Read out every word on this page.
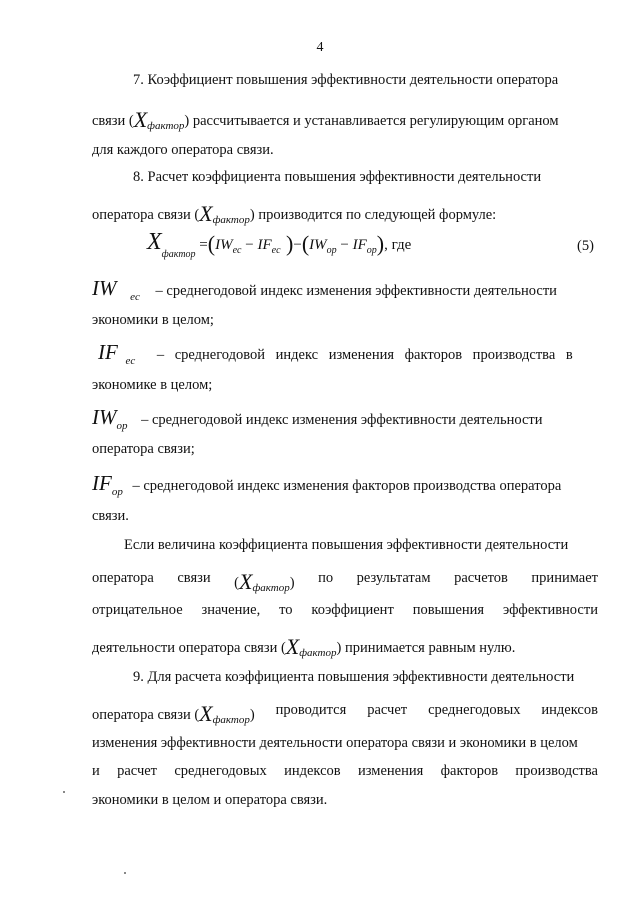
4
7. Коэффициент повышения эффективности деятельности оператора
связи $(X_{фактор})$ рассчитывается и устанавливается регулирующим органом
для каждого оператора связи.
8. Расчет коэффициента повышения эффективности деятельности
оператора связи $(X_{фактор})$ производится по следующей формуле:
$X_{фактор} =(IW_{ec} - IF_{ec}$ )$-(IW_{op} - IF_{op})$, где	(5)
IW $_{ec}$ – среднегодовой индекс изменения эффективности деятельности
экономики в целом;
IF $_{ec}$ – среднегодовой индекс изменения факторов производства в
экономике в целом;
$IW_{op}$ – среднегодовой индекс изменения эффективности деятельности
оператора связи;
$IF_{op}$ – среднегодовой индекс изменения факторов производства оператора
связи.
Если величина коэффициента повышения эффективности деятельности
оператора связи $(X_{фактор})$ по результатам расчетов принимает
отрицательное значение, то коэффициент повышения эффективности
деятельности оператора связи $(X_{фактор})$ принимается равным нулю.
9. Для расчета коэффициента повышения эффективности деятельности
оператора связи $(X_{фактор})$ проводится расчет среднегодовых индексов
изменения эффективности деятельности оператора связи и экономики в целом
и расчет среднегодовых индексов изменения факторов производства
экономики в целом и оператора связи.
